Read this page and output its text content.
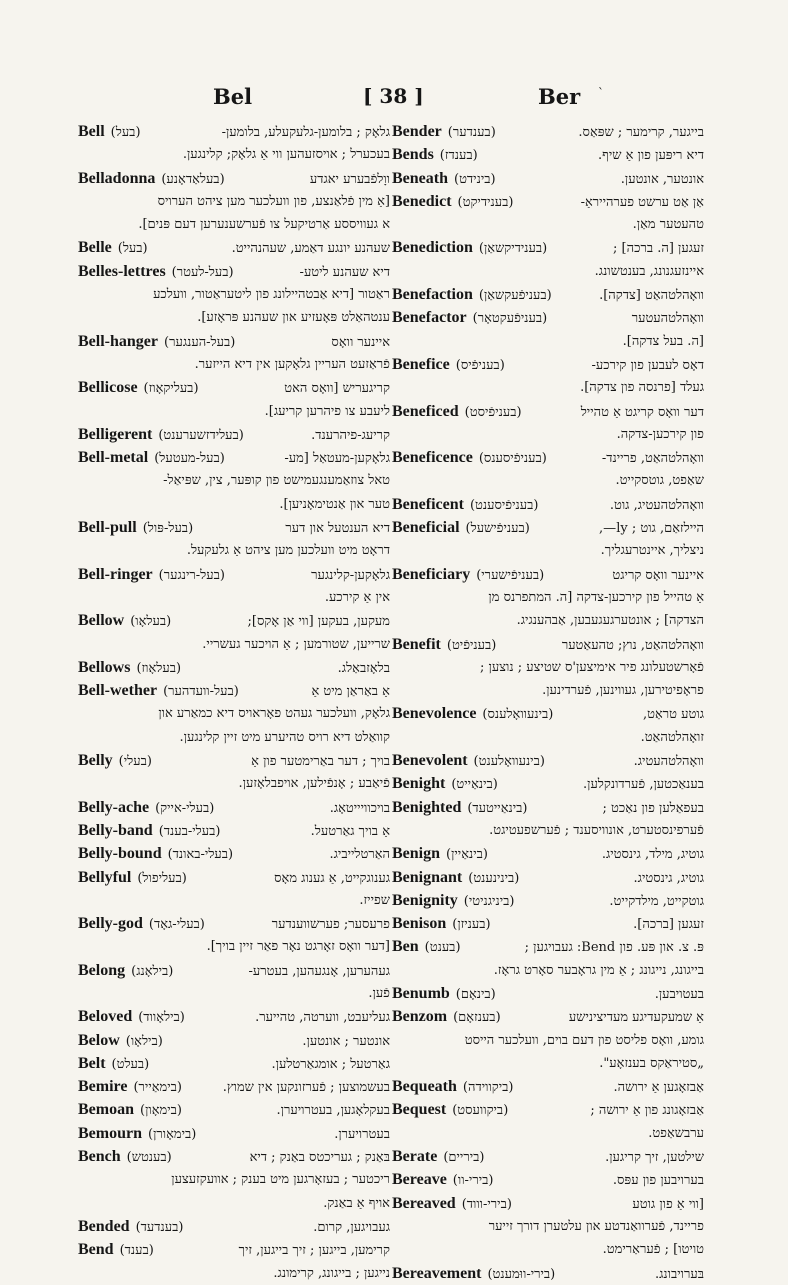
Bel	[ 38 ]	Ber `
Bell (בעל)	גלאָק ; בלומען-גלעקעלע, בלומען-
בעכערל ; אויסזעהען ווי אַ גלאָק; קלינגען.
Belladonna (בעלאַדאָנע)	ווָלפֿבערע יאגדע
[אַ מין פֿלאַנצע, פון וועלכער מען ציהט הערויס
א געוויססע אַרטיקעל צו פֿערשענערען דעם פּנים].
Belle (בעל)	שעהנע יונגע דאַמע, שעהנהייט.
Belles-lettres (בעל-לעטר)	דיא שעהנע ליטע-
ראַטור [דיא אַבטהיילונג פון ליטעראַטור, וועלכע
ענטהאַלט פּאָעזיע און שעהנע פּראָזע].
Bell-hanger (בעל-הענגער)	איינער וואָס
פֿראַזעט העריין גלאָקען אין דיא הייזער.
Bellicose (בעליקאָוז)	קריגעריש [וואָס האט
ליעבע צו פיהרען קריעג].
Belligerent (בעלידזשערענט)	קריעג-פיהרענד.
Bell-metal (בעל-מעטעל)	גלאָקען-מעטאַל [מע-
טאל צוזאַמענגעמישט פון קופּער, צין, שפּיאַל-
טער און אַנטימאָניען].
Bell-pull (בעל-פּול)	דיא הענטעל און דער
דראָט מיט וועלכען מען ציהט אַ גלעקעל.
Bell-ringer (בעל-רינגער)	גלאָקען-קלינגער
אין אַ קירכע.
Bellow (בעלאָו)	מעקען, בעקען [ווי אַן אָקס];
שרייען, שטורמען ; אַ הויכער געשריי.
Bellows (בעלאָוז)	בלאָזבאַלג.
Bell-wether (בעל-וועדהער)	אַ באַראַן מיט אַ
גלאָק, וועלכער געהט פאָראויס דיא כמאַרע און
קוואַלט דיא רויס טהיערע מיט זיין קלינגען.
Belly (בעלי)	בויך ; דער באַרימטער פון אַ
פֿיאַבע ; אָנפֿילען, אויפבלאָזען.
Belly-ache (בעלי-אייק)	בויכוויייטאָג.
Belly-band (בעלי-בענד)	אַ בויך גאַרטעל.
Belly-bound (בעלי-באונד)	האַרטלייביג.
Bellyful (בעליפול)	גענוגקייט, אַ גענוג מאָס
שפייז.
Belly-god (בעלי-גאָד)	פרעסער; פערשווענדער
[דער וואָס זאָרגט נאָר פאַר זיין בויך].
Belong (בילאָנג)	געהערען, אָנגעהען, בעטרע-
פֿען.
Beloved (בילאָווד)	געליעבט, ווערטה, טהייער.
Below (בילאָו)	אונטער ; אונטען.
Belt (בעלט)	גאַרטעל ; אומגאַרטלען.
Bemire (בימאַייר)	בעשמוצען ; פֿערזונקען אין שמוץ.
Bemoan (בימאָון)	בעקלאָגען, בעטרויערן.
Bemourn (בימאָורן)	בעטרויערן.
Bench (בענטש)	בּאַנק ; געריכטס באַנק ; דיא
ריכטער ; בעזאָרגען מיט בענק ; אוועקזעצען
אויף אַ באַנק.
Bended (בענדעד)	געבויגען, קרום.
Bend (בענד)	קרימען, בייגען ; זיך בייגען, זיך
נייגען ; בייגונג, קרימונג.
Bender (בענדער)	בייגער, קרימער ; שפּאַס.
Bends (בענדז)	דיא ריפּען פון אַ שיף.
Beneath (בינידט)	אונטער, אונטען.
Benedict (בענידיקט)	אַן אַט ערשט פערהייראַ-
טהעטער מאַן.
Benediction (בענידיקשאַן)	זעגען [ה. ברכה] ;
איינזעגנונג, בענטשונג.
Benefaction (בעניפֿעקשאַן)	וואָהלטהאַט [צדקה].
Benefactor (בעניפֿעקטאָר)	וואָהלטהעטער
[ה. בעל צדקה].
Benefice (בעניפֿיס)	דאָס לעבען פון קירכע-
געלד [פרנסה פון צדקה].
Beneficed (בעניפֿיסט)	דער וואָס קריגט אַ טהייל
פון קירכען-צדקה.
Beneficence (בעניפֿיסענס)	וואָהלטהאַט, פריינד-
שאַפט, גוטסקייט.
Beneficent (בעניפֿיסענט)	וואָהלטהעטיג, גוט.
Beneficial (בעניפֿישעל)	היילזאַם, גוט ; ly—,
ניצליך, איינטרעגליך.
Beneficiary (בעניפֿישערי)	איינער וואָס קריגט
אַ טהייל פון קירכען-צדקה [ה. המתפרנס מן
הצדקה] ; אונטערגעגעבען, אַבהענגיג.
Benefit (בעניפֿיט)	וואָהלטהאַט, נוץ; טהעאַטער
פֿאָרשטעלונג פיר אימיצען'ס שטיצע ; נוצען ;
פראָפיטירען, געווינען, פֿערדינען.
Benevolence (בינעוואָלענס)	גוטע טראַט,
זואָהלטהאַט.
Benevolent (בינעוואָלענט)	וואָהלטהעטיג.
Benight (בינאַייט)	בענאַכטען, פֿערדונקלען.
Benighted (בינאַייטעד)	בעפאַלען פון נאַכט ;
פֿערפינסטערט, אונוויסענד ; פֿערשפעטיגט.
Benign (בינאַיין)	גוטיג, מילד, גינסטיג.
Benignant (בינינענט)	גוטיג, גינסטיג.
Benignity (ביניגניטי)	גוטקייט, מילדקייט.
Benison (בעניזן)	זעגען [ברכה].
Ben (בענט)	פּ. צ. און פּע. פון Bend: געבויגען ;
בייגונג, נייגונג ; אַ מין גראָבער סאָרט גראָז.
Benumb (בינאָם)	בעטויבען.
Benzom (בענזאָם)	אַ שמעקעדיגע מעדיצינישע
גומע, וואָס פליסט פון דעם בוים, וועלכער הייסט
„סטיראַקס בענזאָע".
Bequeath (ביקווידה)	אַבזאָגען אַ ירושה.
Bequest (ביקוועסט)	אַבזאָגונג פון אַ ירושה ;
ערבשאַפט.
Berate (ביריים)	שילטען, זיך קריגען.
Bereave (בירי-וו)	בערויבען פון עפּס.
Bereaved (בירי-וווד)	[ווי אַ פון גוטע
פריינד, פֿערוואַנדטע און עלטערן דורך זייער
טויטו] ; פֿעראַרימט.
Bereavement (בירי-ווּמענט)	בּערויבונג.
